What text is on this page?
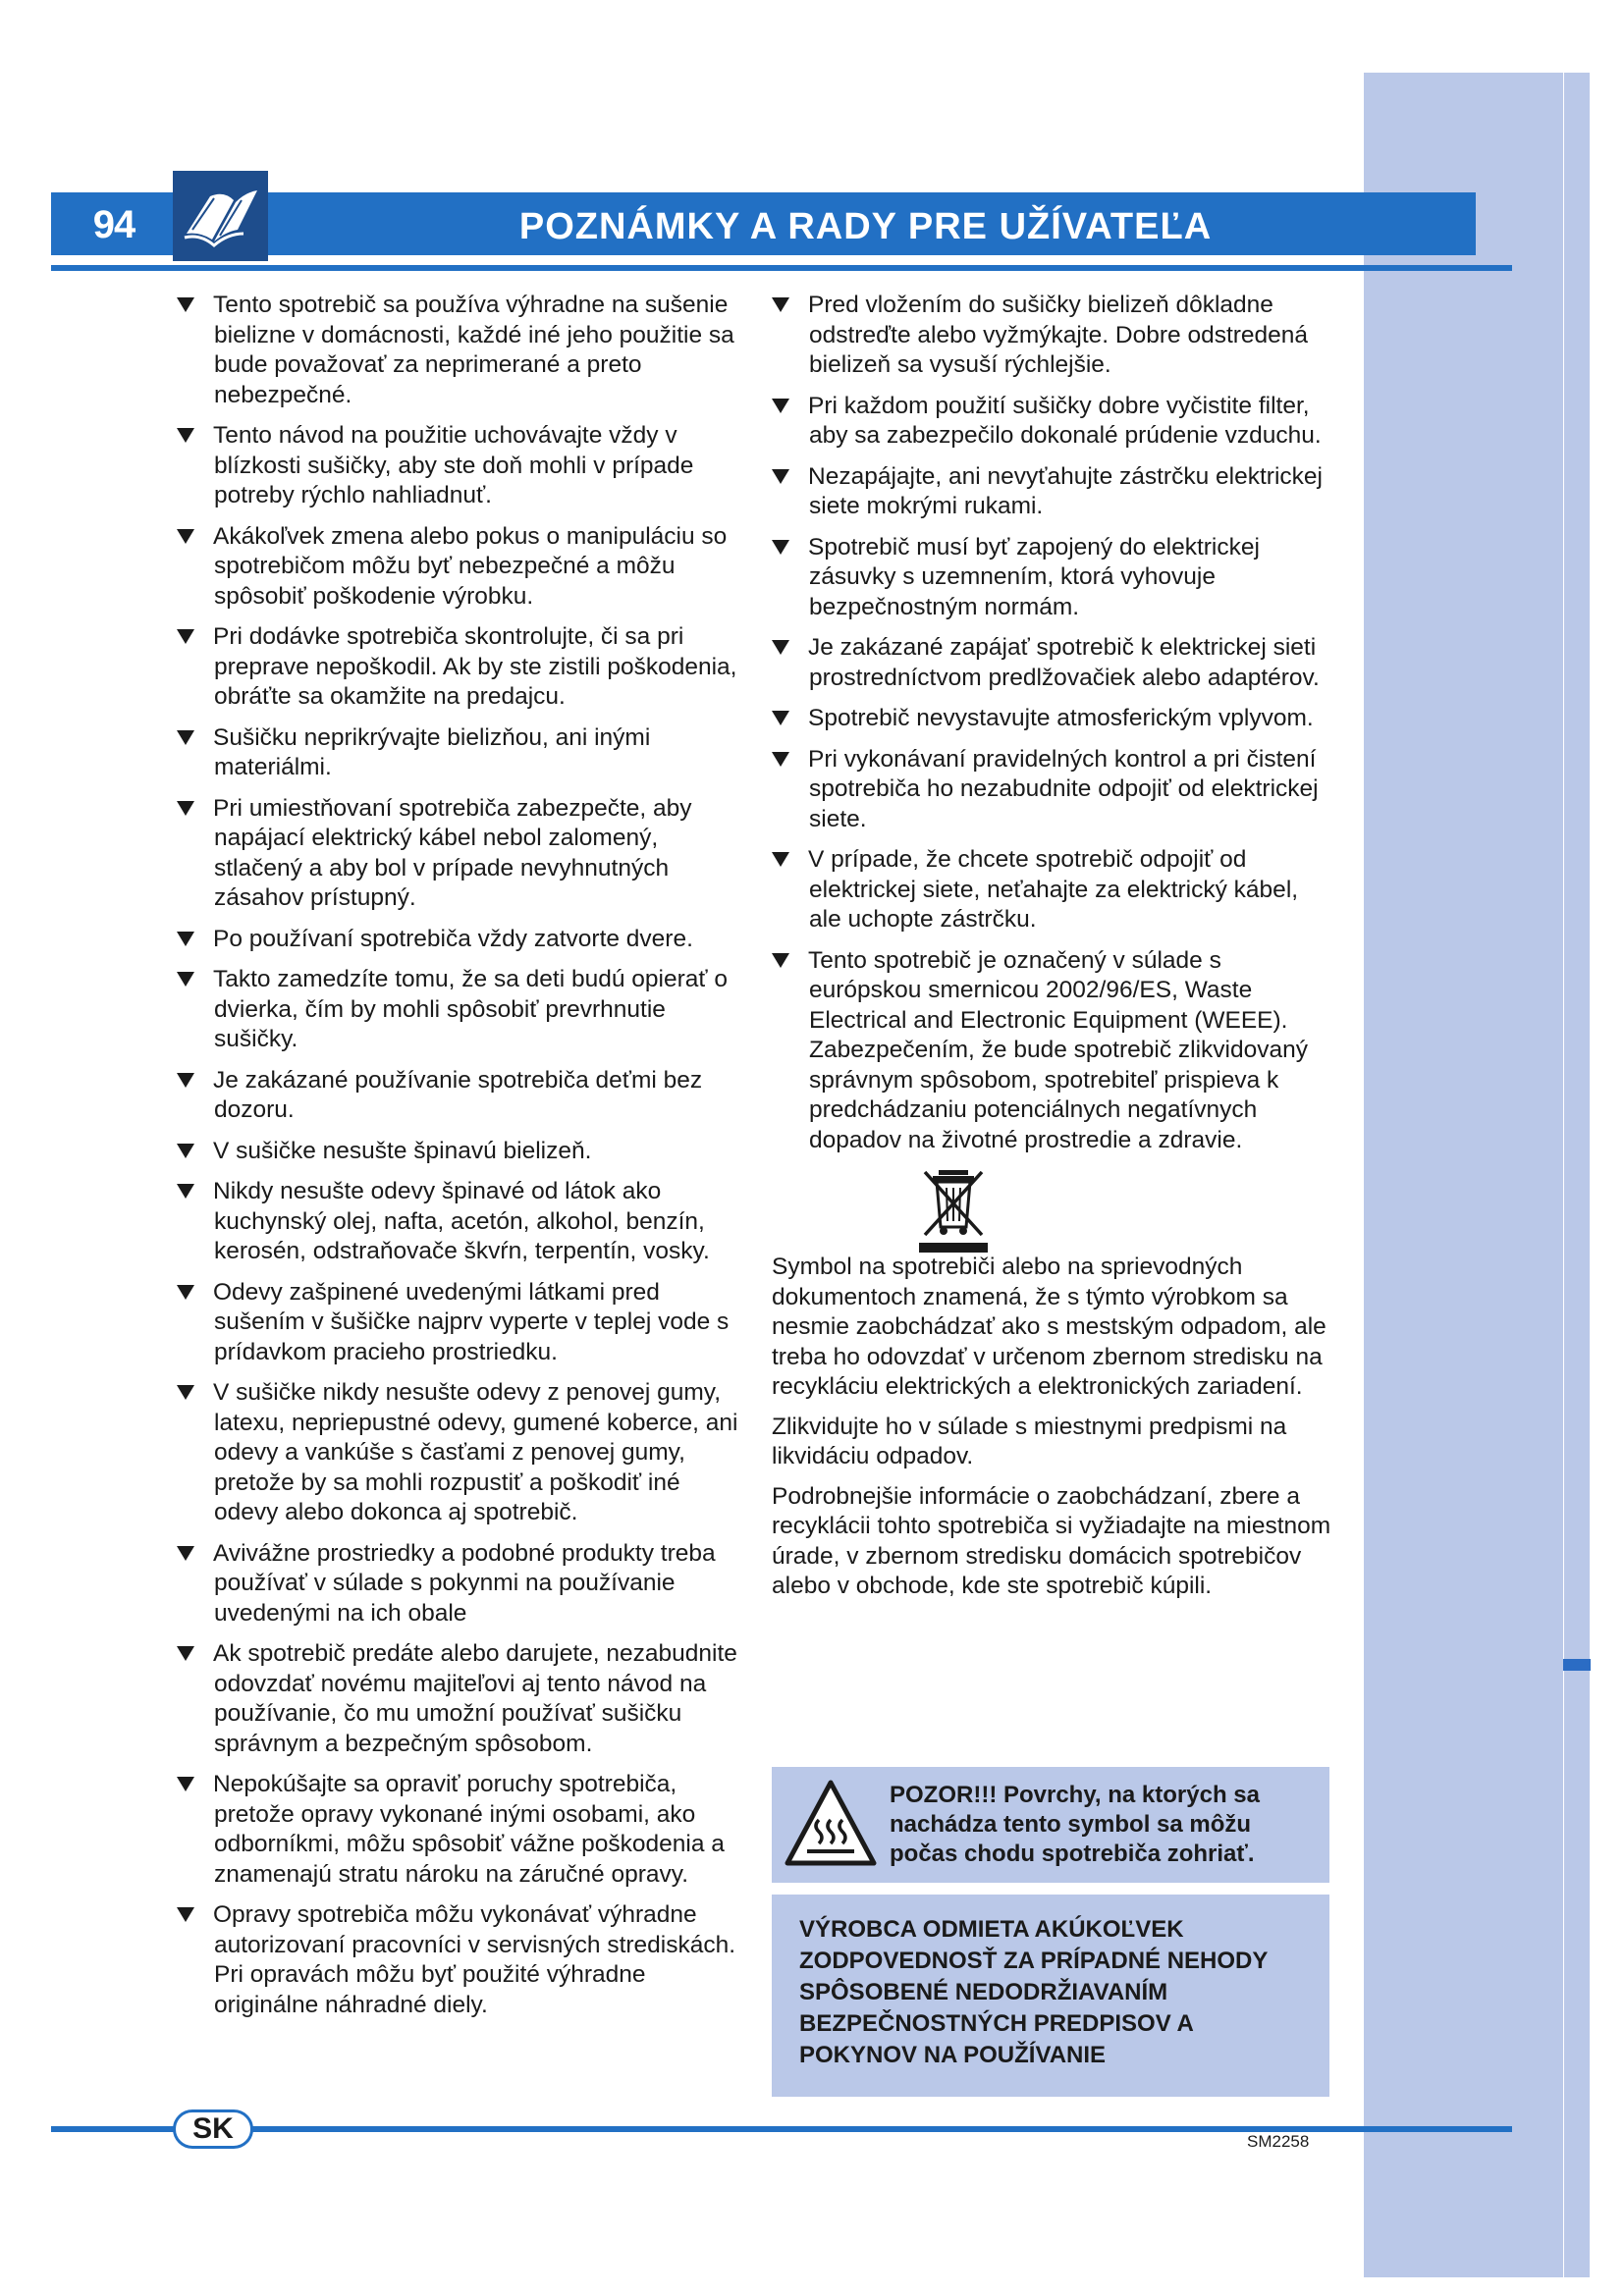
94	POZNÁMKY A RADY PRE UŽÍVATEĽA
Tento spotrebič sa používa výhradne na sušenie bielizne v domácnosti, každé iné jeho použitie sa bude považovať za neprimerané a preto nebezpečné.
Tento návod na použitie uchovávajte vždy v blízkosti sušičky, aby ste doň mohli v prípade potreby rýchlo nahliadnuť.
Akákoľvek zmena alebo pokus o manipuláciu so spotrebičom môžu byť nebezpečné a môžu spôsobiť poškodenie výrobku.
Pri dodávke spotrebiča skontrolujte, či sa pri preprave nepoškodil. Ak by ste zistili poškodenia, obráťte sa okamžite na predajcu.
Sušičku neprikrývajte bielizňou, ani inými materiálmi.
Pri umiestňovaní spotrebiča zabezpečte, aby napájací elektrický kábel nebol zalomený, stlačený a aby bol v prípade nevyhnutných zásahov prístupný.
Po používaní spotrebiča vždy zatvorte dvere.
Takto zamedzíte tomu, že sa deti budú opierať o dvierka, čím by mohli spôsobiť prevrhnutie sušičky.
Je zakázané používanie spotrebiča deťmi bez dozoru.
V sušičke nesušte špinavú bielizeň.
Nikdy nesušte odevy špinavé od látok ako kuchynský olej, nafta, acetón, alkohol, benzín, kerosén, odstraňovače škvŕn, terpentín, vosky.
Odevy zašpinené uvedenými látkami pred sušením v šušičke najprv vyperte v teplej vode s prídavkom pracieho prostriedku.
V sušičke nikdy nesušte odevy z penovej gumy, latexu, nepriepustné odevy, gumené koberce, ani odevy a vankúše s časťami z penovej gumy, pretože by sa mohli rozpustiť a poškodiť iné odevy alebo dokonca aj spotrebič.
Avivážne prostriedky a podobné produkty treba používať v súlade s pokynmi na používanie uvedenými na ich obale
Ak spotrebič predáte alebo darujete, nezabudnite odovzdať novému majiteľovi aj tento návod na používanie, čo mu umožní používať sušičku správnym a bezpečným spôsobom.
Nepokúšajte sa opraviť poruchy spotrebiča, pretože opravy vykonané inými osobami, ako odborníkmi, môžu spôsobiť vážne poškodenia a znamenajú stratu nároku na záručné opravy.
Opravy spotrebiča môžu vykonávať výhradne autorizovaní pracovníci v servisných strediskách. Pri opravách môžu byť použité výhradne originálne náhradné diely.
Pred vložením do sušičky bielizeň dôkladne odstreďte alebo vyžmýkajte. Dobre odstredená bielizeň sa vysuší rýchlejšie.
Pri každom použití sušičky dobre vyčistite filter, aby sa zabezpečilo dokonalé prúdenie vzduchu.
Nezapájajte, ani nevyťahujte zástrčku elektrickej siete mokrými rukami.
Spotrebič musí byť zapojený do elektrickej zásuvky s uzemnením, ktorá vyhovuje bezpečnostným normám.
Je zakázané zapájať spotrebič k elektrickej sieti prostredníctvom predlžovačiek alebo adaptérov.
Spotrebič nevystavujte atmosferickým vplyvom.
Pri vykonávaní pravidelných kontrol a pri čistení spotrebiča ho nezabudnite odpojiť od elektrickej siete.
V prípade, že chcete spotrebič odpojiť od elektrickej siete, neťahajte za elektrický kábel, ale uchopte zástrčku.
Tento spotrebič je označený v súlade s európskou smernicou 2002/96/ES, Waste Electrical and Electronic Equipment (WEEE). Zabezpečením, že bude spotrebič zlikvidovaný správnym spôsobom, spotrebiteľ prispieva k predchádzaniu potenciálnych negatívnych dopadov na životné prostredie a zdravie.
Symbol na spotrebiči alebo na sprievodných dokumentoch znamená, že s týmto výrobkom sa nesmie zaobchádzať ako s mestským odpadom, ale treba ho odovzdať v určenom zbernom stredisku na recykláciu elektrických a elektronických zariadení.
Zlikvidujte ho v súlade s miestnymi predpismi na likvidáciu odpadov.
Podrobnejšie informácie o zaobchádzaní, zbere a recyklácii tohto spotrebiča si vyžiadajte na miestnom úrade, v zbernom stredisku domácich spotrebičov alebo v obchode, kde ste spotrebič kúpili.
POZOR!!! Povrchy, na ktorých sa nachádza tento symbol sa môžu počas chodu spotrebiča zohriať.
VÝROBCA ODMIETA AKÚKOĽVEK ZODPOVEDNOSŤ ZA PRÍPADNÉ NEHODY SPÔSOBENÉ NEDODRŽIAVANÍM BEZPEČNOSTNÝCH PREDPISOV A POKYNOV NA POUŽÍVANIE
SK	SM2258
